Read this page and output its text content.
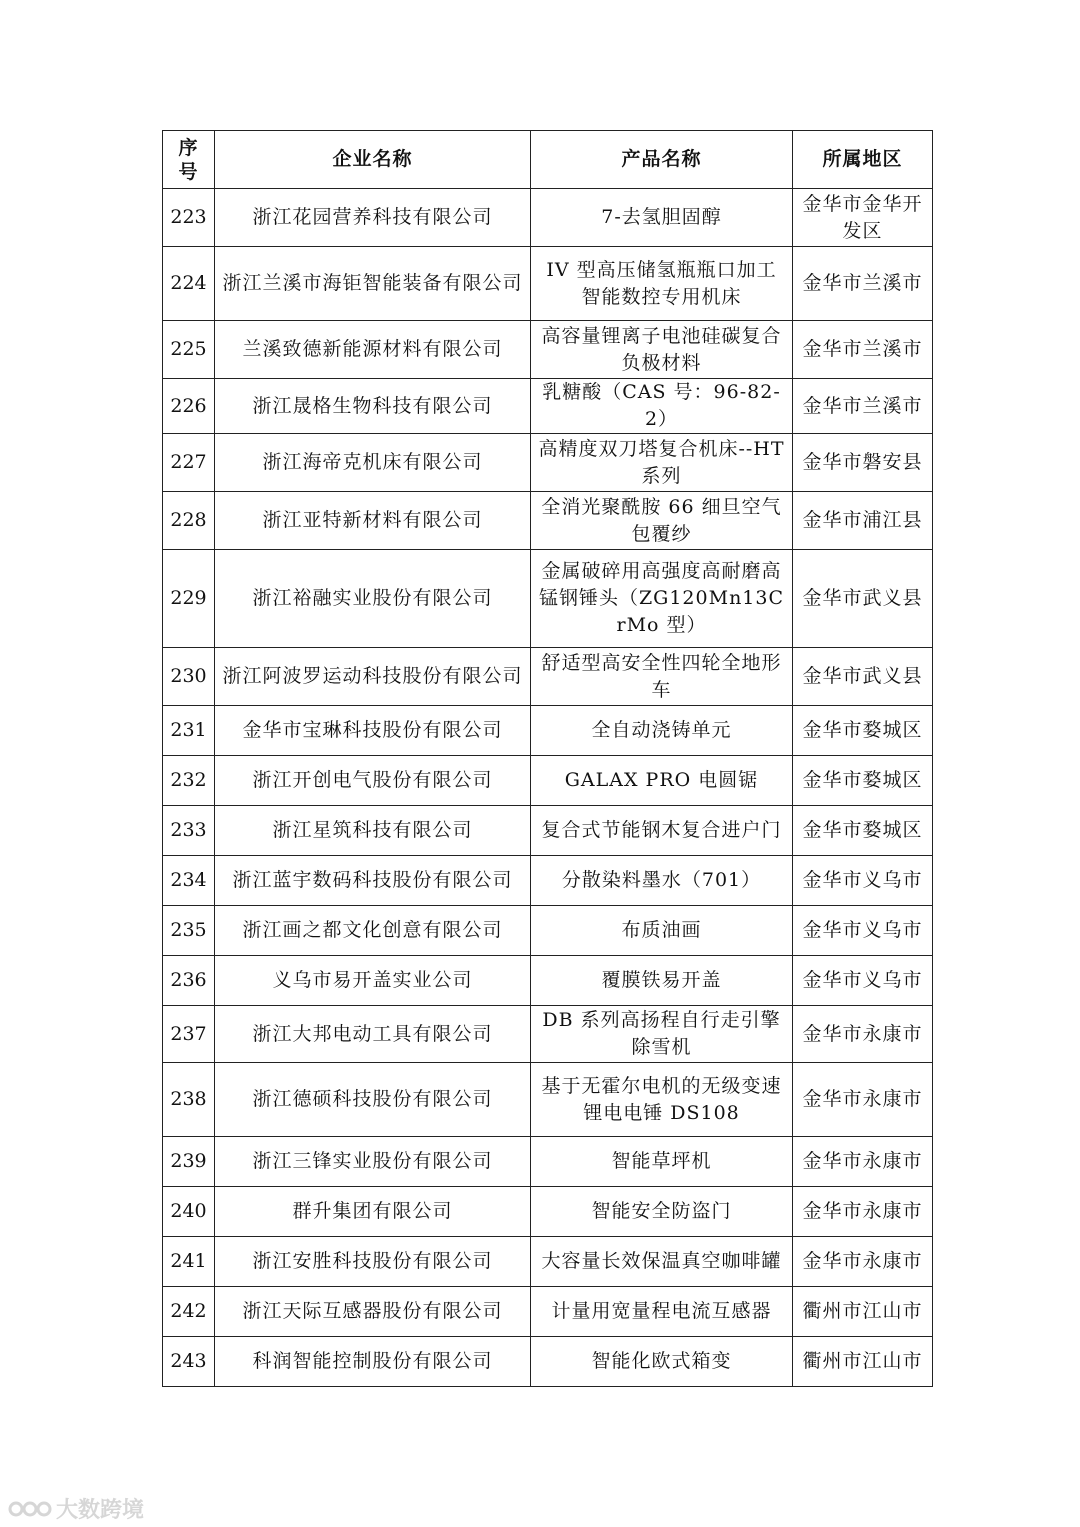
序号	企业名称	产品名称	所属地区
223	浙江花园营养科技有限公司	7-去氢胆固醇	金华市金华开发区
224	浙江兰溪市海钜智能装备有限公司	IV 型高压储氢瓶瓶口加工智能数控专用机床	金华市兰溪市
225	兰溪致德新能源材料有限公司	高容量锂离子电池硅碳复合负极材料	金华市兰溪市
226	浙江晟格生物科技有限公司	乳糖酸（CAS 号：96-82-2）	金华市兰溪市
227	浙江海帝克机床有限公司	高精度双刀塔复合机床--HT 系列	金华市磐安县
228	浙江亚特新材料有限公司	全消光聚酰胺 66 细旦空气包覆纱	金华市浦江县
229	浙江裕融实业股份有限公司	金属破碎用高强度高耐磨高锰钢锤头（ZG120Mn13CrMo 型）	金华市武义县
230	浙江阿波罗运动科技股份有限公司	舒适型高安全性四轮全地形车	金华市武义县
231	金华市宝琳科技股份有限公司	全自动浇铸单元	金华市婺城区
232	浙江开创电气股份有限公司	GALAX PRO 电圆锯	金华市婺城区
233	浙江星筑科技有限公司	复合式节能钢木复合进户门	金华市婺城区
234	浙江蓝宇数码科技股份有限公司	分散染料墨水（701）	金华市义乌市
235	浙江画之都文化创意有限公司	布质油画	金华市义乌市
236	义乌市易开盖实业公司	覆膜铁易开盖	金华市义乌市
237	浙江大邦电动工具有限公司	DB 系列高扬程自行走引擎除雪机	金华市永康市
238	浙江德硕科技股份有限公司	基于无霍尔电机的无级变速锂电电锤 DS108	金华市永康市
239	浙江三锋实业股份有限公司	智能草坪机	金华市永康市
240	群升集团有限公司	智能安全防盗门	金华市永康市
241	浙江安胜科技股份有限公司	大容量长效保温真空咖啡罐	金华市永康市
242	浙江天际互感器股份有限公司	计量用宽量程电流互感器	衢州市江山市
243	科润智能控制股份有限公司	智能化欧式箱变	衢州市江山市
大数跨境
